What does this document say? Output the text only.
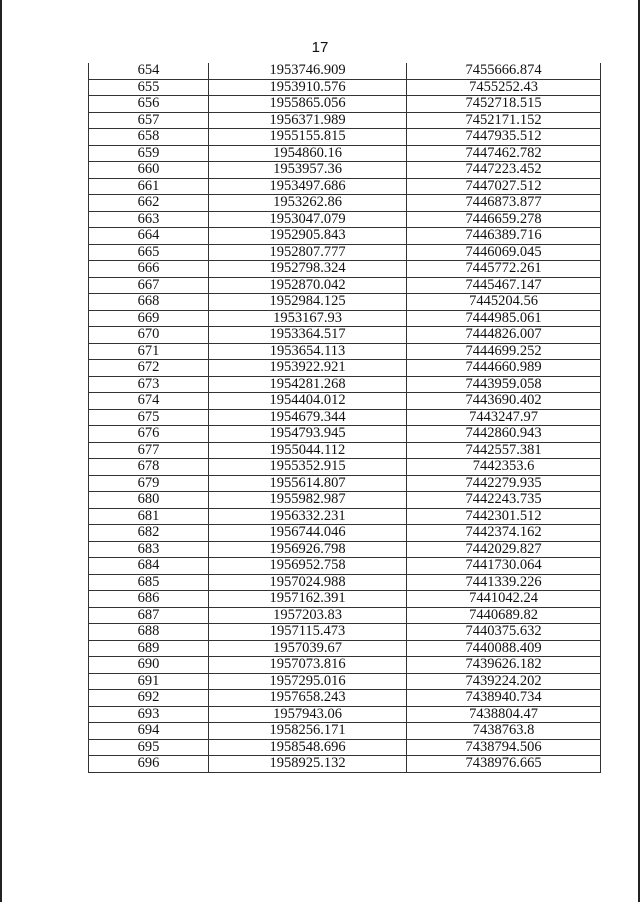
17
654	1953746.909	7455666.874
655	1953910.576	7455252.43
656	1955865.056	7452718.515
657	1956371.989	7452171.152
658	1955155.815	7447935.512
659	1954860.16	7447462.782
660	1953957.36	7447223.452
661	1953497.686	7447027.512
662	1953262.86	7446873.877
663	1953047.079	7446659.278
664	1952905.843	7446389.716
665	1952807.777	7446069.045
666	1952798.324	7445772.261
667	1952870.042	7445467.147
668	1952984.125	7445204.56
669	1953167.93	7444985.061
670	1953364.517	7444826.007
671	1953654.113	7444699.252
672	1953922.921	7444660.989
673	1954281.268	7443959.058
674	1954404.012	7443690.402
675	1954679.344	7443247.97
676	1954793.945	7442860.943
677	1955044.112	7442557.381
678	1955352.915	7442353.6
679	1955614.807	7442279.935
680	1955982.987	7442243.735
681	1956332.231	7442301.512
682	1956744.046	7442374.162
683	1956926.798	7442029.827
684	1956952.758	7441730.064
685	1957024.988	7441339.226
686	1957162.391	7441042.24
687	1957203.83	7440689.82
688	1957115.473	7440375.632
689	1957039.67	7440088.409
690	1957073.816	7439626.182
691	1957295.016	7439224.202
692	1957658.243	7438940.734
693	1957943.06	7438804.47
694	1958256.171	7438763.8
695	1958548.696	7438794.506
696	1958925.132	7438976.665
